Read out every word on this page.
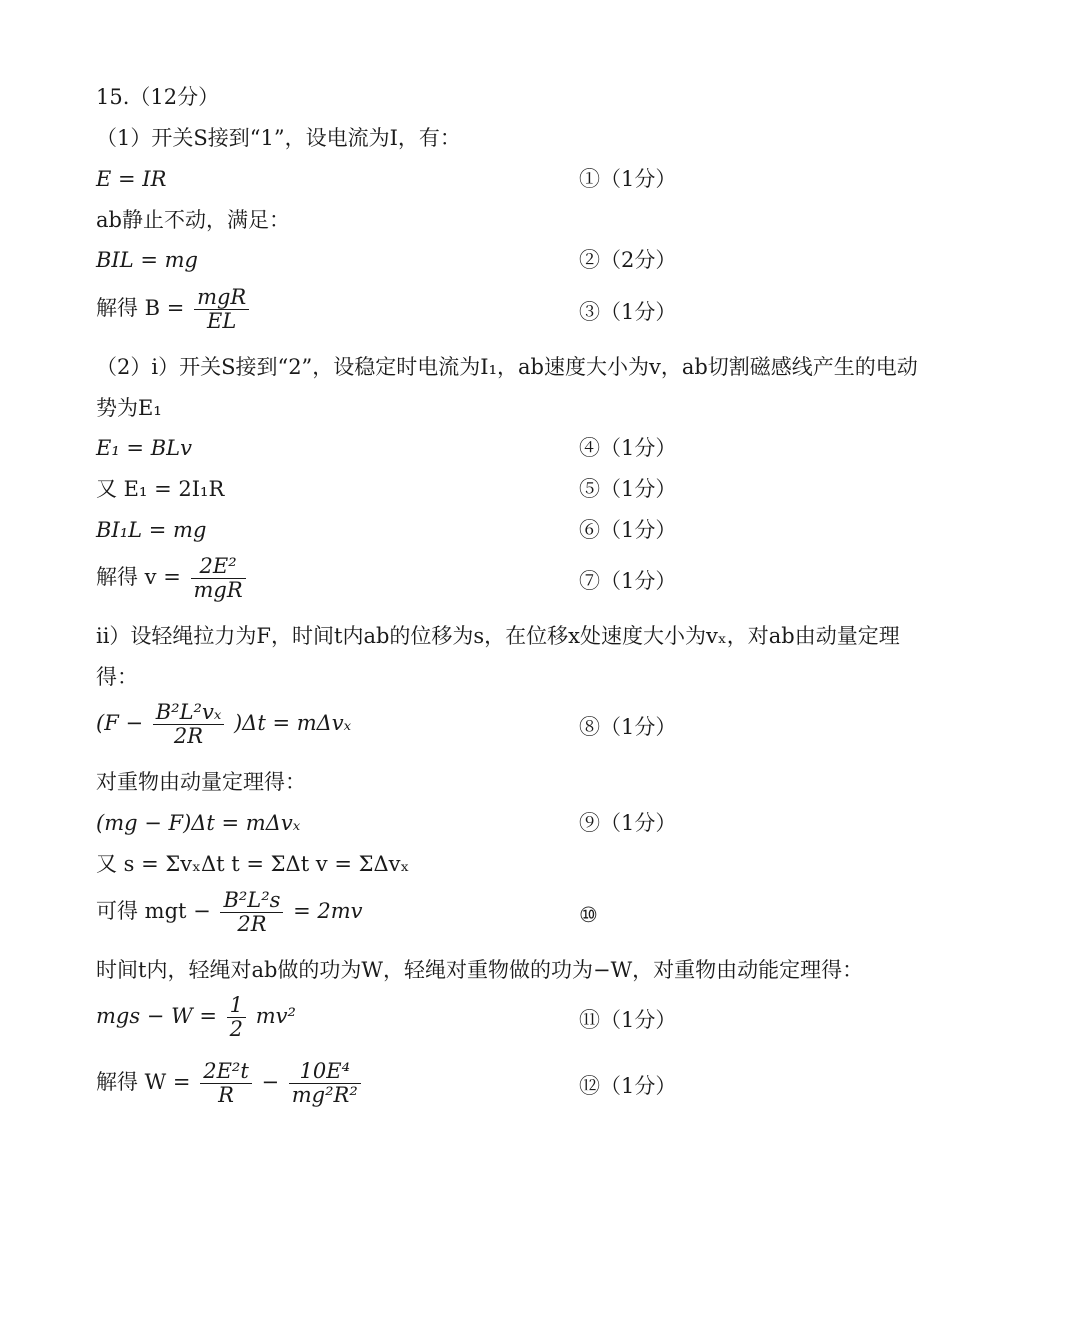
15.（12分）
（1）开关S接到“1”，设电流为I，有：
E = IR	①（1分）
ab静止不动，满足：
BIL = mg	②（2分）
解得 $B = \frac{\text{mgR}}{EL}$	③（1分）
（2）i）开关S接到“2”，设稳定时电流为I₁，ab速度大小为v，ab切割磁感线产生的电动
势为E₁
E₁ = BLv	④（1分）
又 E₁ = 2I₁R	⑤（1分）
BI₁L = mg	⑥（1分）
解得 $v = \frac{\text{2E²}}{\text{mgR}}$	⑦（1分）
ii）设轻绳拉力为F，时间t内ab的位移为s，在位移x处速度大小为vₓ，对ab由动量定理
得：
$(F - \frac{\text{B²L²vₓ}}{2R} )\Delta t = m\Delta v_x$	⑧（1分）
对重物由动量定理得：
(mg − F)Δt = mΔvₓ	⑨（1分）
又 s = ΣvₓΔt t = ΣΔt v = ΣΔvₓ
可得 mgt − $\frac{\text{B²L²s}}{2R} = 2mv$	⑩
时间t内，轻绳对ab做的功为W，轻绳对重物做的功为−W，对重物由动能定理得：
mgs − $W = \frac{1}{2} mv^2$	⑪（1分）
解得 $W = \frac{\text{2E²t}}{R} - \frac{\text{10E⁴}}{\text{mg²R²}}$	⑫（1分）
